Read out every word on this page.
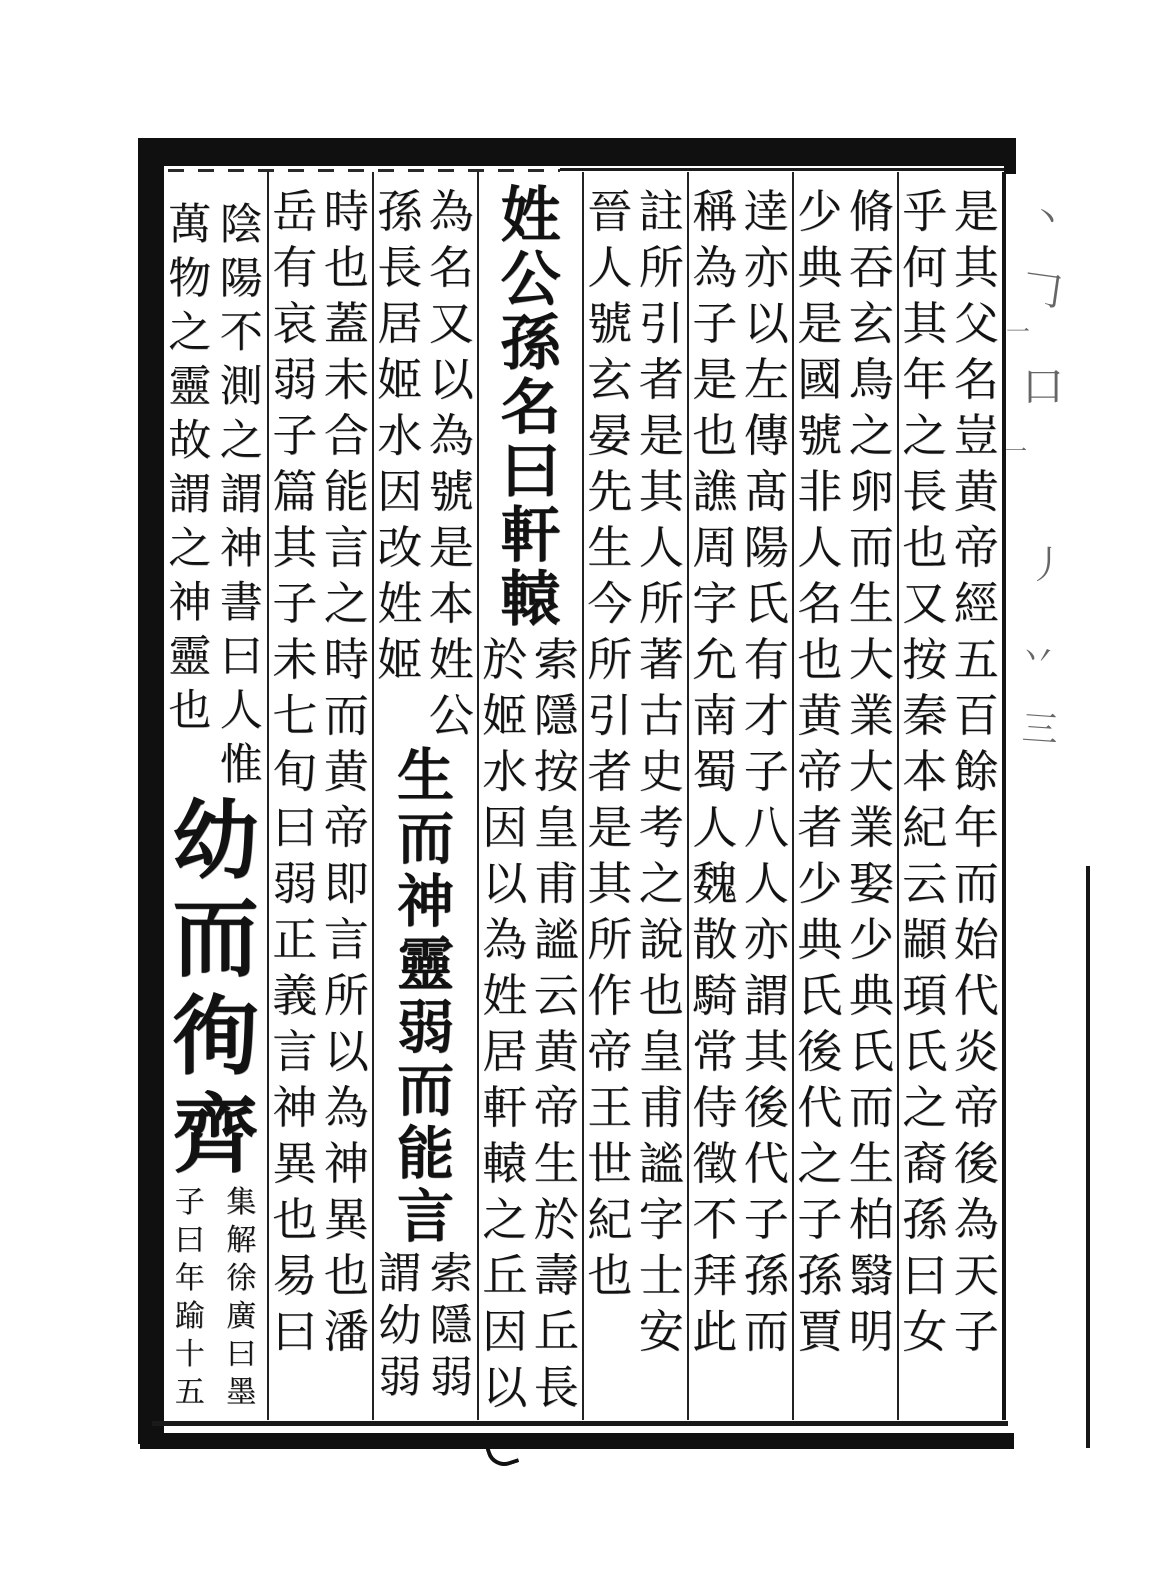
是
其
父
名
豈
黄
帝
經
五
百
餘
年
而
始
代
炎
帝
後
為
天
子
乎
何
其
年
之
長
也
又
按
秦
本
紀
云
顓
頊
氏
之
裔
孫
曰
女
脩
吞
玄
鳥
之
卵
而
生
大
業
大
業
娶
少
典
氏
而
生
柏
翳
明
少
典
是
國
號
非
人
名
也
黄
帝
者
少
典
氏
後
代
之
子
孫
賈
逹
亦
以
左
傳
髙
陽
氏
有
才
子
八
人
亦
謂
其
後
代
子
孫
而
稱
為
子
是
也
譙
周
字
允
南
蜀
人
魏
散
騎
常
侍
徵
不
拜
此
註
所
引
者
是
其
人
所
著
古
史
考
之
說
也
皇
甫
謐
字
士
安
晉
人
號
玄
晏
先
生
今
所
引
者
是
其
所
作
帝
王
世
紀
也
姓
公
孫
名
曰
軒
轅
索
隱
按
皇
甫
謐
云
黄
帝
生
於
壽
丘
長
於
姬
水
因
以
為
姓
居
軒
轅
之
丘
因
以
為
名
又
以
為
號
是
本
姓
公
孫
長
居
姬
水
因
改
姓
姬
生
而
神
靈
弱
而
能
言
索
隱
弱
謂
幼
弱
時
也
蓋
未
合
能
言
之
時
而
黄
帝
即
言
所
以
為
神
異
也
潘
岳
有
哀
弱
子
篇
其
子
未
七
旬
曰
弱
正
義
言
神
異
也
易
曰
陰
陽
不
測
之
謂
神
書
曰
人
惟
萬
物
之
靈
故
謂
之
神
靈
也
幼
而
徇
齊
集
解
徐
廣
曰
墨
子
曰
年
踰
十
五
丶
𠃌
一
口
一
丿
丷
三
